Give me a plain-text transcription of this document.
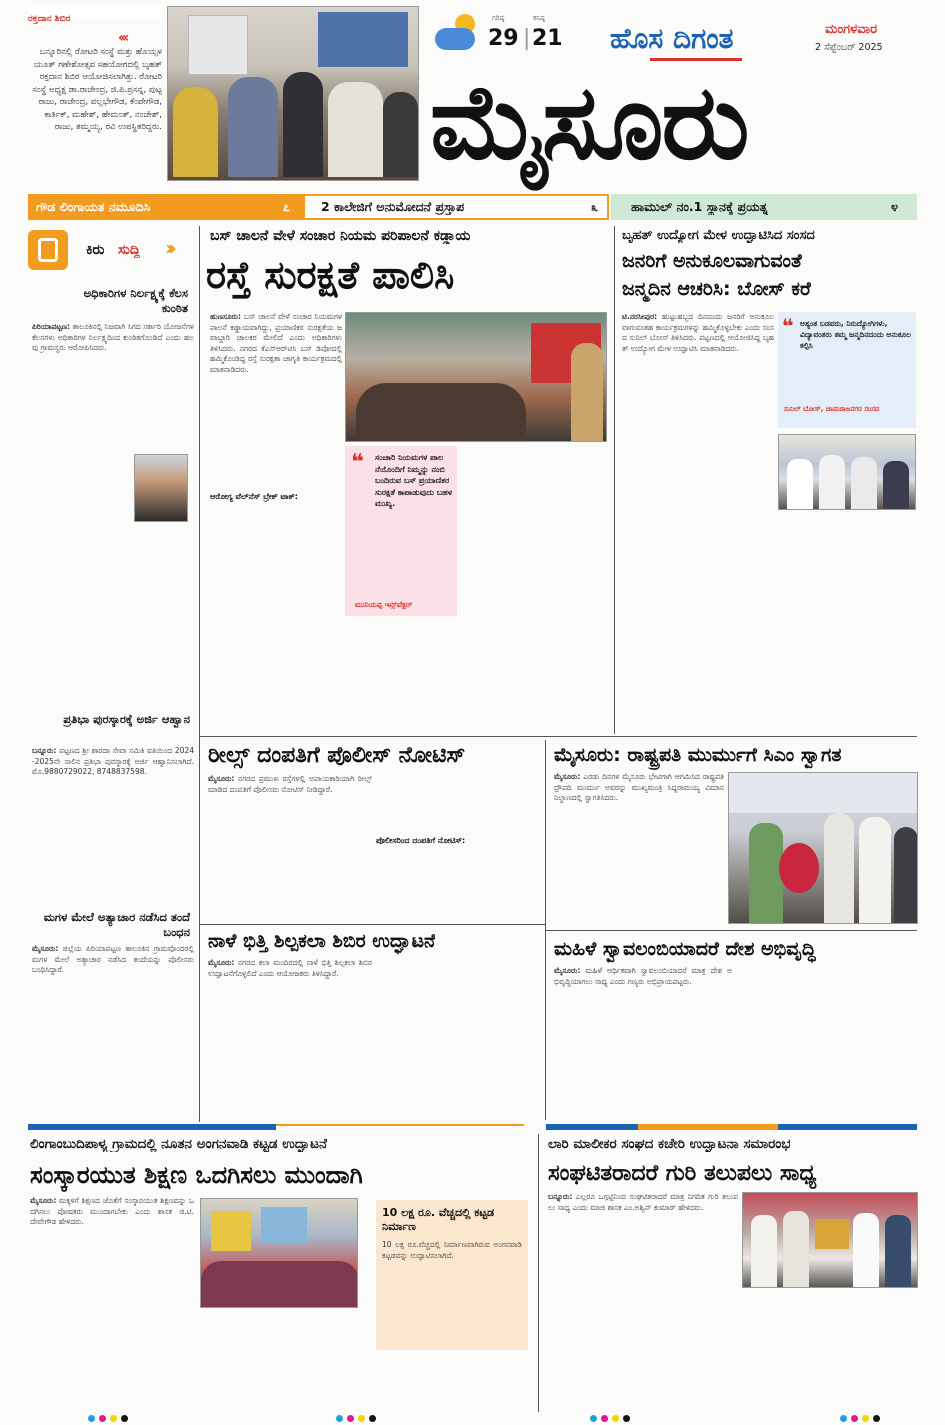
ರಕ್ತದಾನ ಶಿಬಿರ
‹‹‹
ಬನ್ನೂರಿನಲ್ಲಿ ರೋಟರಿ ಸಂಸ್ಥೆ ಮತ್ತು ಹೊಯ್ಸಳ ಯೂತ್ ಗಣೇಶೋತ್ಸವ ಸಹಯೋಗದಲ್ಲಿ ಬೃಹತ್ ರಕ್ತದಾನ ಶಿಬಿರ ಆಯೋಜಿಸಲಾಗಿತ್ತು. ರೋಟರಿ ಸಂಸ್ಥೆ ಅಧ್ಯಕ್ಷ ಡಾ.ರಾಜೇಂದ್ರ, ಜಿ.ಪಿ.ಪ್ರಸನ್ನ, ಪುಟ್ಟರಾಜು, ರಾಜೇಂದ್ರ, ವಲ್ಲಭೇಗೌಡ, ಕೆಂಪೇಗೌಡ, ಕಾರ್ತಿಕ್, ಮಹೇಶ್, ಹೇಮಂತ್, ನಂಜೇಶ್, ರಾಜು, ತಮ್ಮಯ್ಯ, ರವಿ ಉಪಸ್ಥಿತರಿದ್ದರು.
ಗರಿಷ್ಠ	ಕನಿಷ್ಠ
29 | 21 ಹೊಸ ದಿಗಂತ	ಮಂಗಳವಾರ
2 ಸೆಪ್ಟೆಂಬರ್ 2025
ಮೈಸೂರು
ಗೌಡ ಲಿಂಗಾಯತ ನಮೂದಿಸಿ	೭ 2 ಕಾಲೇಜಿಗೆ ಅನುಮೋದನೆ ಪ್ರಸ್ತಾಪ	೩	ಹಾಮುಲ್ ನಂ.1 ಸ್ಥಾನಕ್ಕೆ ಪ್ರಯತ್ನ	೪
ಕಿರು ಸುದ್ದಿ ›››
ಅಧಿಕಾರಿಗಳ ನಿರ್ಲಕ್ಷ್ಯಕ್ಕೆ ಕೆಲಸ ಕುಂಠಿತ
ಪಿರಿಯಾಪಟ್ಟಣ: ತಾಲೂಕಿನಲ್ಲಿ ನಿಜವಾಗಿ ಸಿಗದ ಸರ್ಕಾರಿ ಯೋಜನೆಗಳ ಕೆಲಸಗಳು ಅಧಿಕಾರಿಗಳ ನಿರ್ಲಕ್ಷ್ಯದಿಂದ ಕುಂಠಿತಗೊಂಡಿದೆ ಎಂದು ಹಲವು ಗ್ರಾಮಸ್ಥರು ಆರೋಪಿಸಿದರು.
ಪ್ರತಿಭಾ ಪುರಸ್ಕಾರಕ್ಕೆ ಅರ್ಜಿ ಆಹ್ವಾನ
ಬನ್ನೂರು: ಪಟ್ಟಣದ ಶ್ರೀ ಶಾರದಾ ಸೇವಾ ಸಮಿತಿ ವತಿಯಿಂದ 2024-2025ನೇ ಸಾಲಿನ ಪ್ರತಿಭಾ ಪುರಸ್ಕಾರಕ್ಕೆ ಅರ್ಜಿ ಆಹ್ವಾನಿಸಲಾಗಿದೆ. ಮೊ.9880729022, 8748837598.
ಮಗಳ ಮೇಲೆ ಅತ್ಯಾಚಾರ ನಡೆಸಿದ ತಂದೆ ಬಂಧನ
ಮೈಸೂರು: ಜಿಲ್ಲೆಯ ಪಿರಿಯಾಪಟ್ಟಣ ತಾಲೂಕಿನ ಗ್ರಾಮವೊಂದರಲ್ಲಿ ಮಗಳ ಮೇಲೆ ಅತ್ಯಾಚಾರ ನಡೆಸಿದ ತಂದೆಯನ್ನು ಪೊಲೀಸರು ಬಂಧಿಸಿದ್ದಾರೆ.
ಬಸ್ ಚಾಲನೆ ವೇಳೆ ಸಂಚಾರ ನಿಯಮ ಪರಿಪಾಲನೆ ಕಡ್ಡಾಯ
ರಸ್ತೆ ಸುರಕ್ಷತೆ ಪಾಲಿಸಿ
ಹುಣಸೂರು: ಬಸ್ ಚಾಲನೆ ವೇಳೆ ಸಂಚಾರ ನಿಯಮಗಳ ಪಾಲನೆ ಕಡ್ಡಾಯವಾಗಿದ್ದು, ಪ್ರಯಾಣಿಕರ ಸುರಕ್ಷತೆಯ ಜವಾಬ್ದಾರಿ ಚಾಲಕರ ಮೇಲಿದೆ ಎಂದು ಅಧಿಕಾರಿಗಳು ತಿಳಿಸಿದರು. ನಗರದ ಕೆಎಸ್ಆರ್‌ಟಿಸಿ ಬಸ್ ಡಿಪೋದಲ್ಲಿ ಹಮ್ಮಿಕೊಂಡಿದ್ದ ರಸ್ತೆ ಸುರಕ್ಷತಾ ಜಾಗೃತಿ ಕಾರ್ಯಕ್ರಮದಲ್ಲಿ ಮಾತನಾಡಿದರು.
ಆರೋಗ್ಯ ವೆಲ್‌ನೆಸ್ ಬ್ರೇಕ್ ಟಾಕ್:
❝ ಸಂಚಾರಿ ನಿಯಮಗಳ ಪಾಲನೆಯೊಂದಿಗೆ ನಿಮ್ಮನ್ನು ನಂಬಿ ಬಂದಿರುವ ಬಸ್‌ ಪ್ರಯಾಣಿಕರ ಸುರಕ್ಷತೆ ಕಾಪಾಡುವುದು ಬಹಳ ಮುಖ್ಯ.
ಮುನಿಯಪ್ಪ ಇನ್ಸ್‌ಪೆಕ್ಟರ್
ಬೃಹತ್ ಉದ್ಯೋಗ ಮೇಳ ಉದ್ಘಾಟಿಸಿದ ಸಂಸದ
ಜನರಿಗೆ ಅನುಕೂಲವಾಗುವಂತೆ
ಜನ್ಮದಿನ ಆಚರಿಸಿ: ಬೋಸ್ ಕರೆ
ಟಿ.ನರಸೀಪುರ: ಹುಟ್ಟುಹಬ್ಬದ ದಿನದಂದು ಜನರಿಗೆ ಅನುಕೂಲವಾಗುವಂತಹ ಕಾರ್ಯಕ್ರಮಗಳನ್ನು ಹಮ್ಮಿಕೊಳ್ಳಬೇಕು ಎಂದು ಸಂಸದ ಸುನಿಲ್ ಬೋಸ್ ತಿಳಿಸಿದರು. ಪಟ್ಟಣದಲ್ಲಿ ಆಯೋಜಿಸಿದ್ದ ಬೃಹತ್ ಉದ್ಯೋಗ ಮೇಳ ಉದ್ಘಾಟಿಸಿ ಮಾತನಾಡಿದರು.
❝ ಅತ್ಯಂತ ಬಡವರು, ನಿರುದ್ಯೋಗಿಗಳು, ವಿದ್ಯಾವಂತರು ತಮ್ಮ ಜನ್ಮದಿನದಂದು ಅನುಕೂಲ ಕಲ್ಪಿಸಿ
ಸುನಿಲ್‌ ಬೋಸ್, ಚಾಮರಾಜನಗರ ಸಂಸದ
ರೀಲ್ಸ್ ದಂಪತಿಗೆ ಪೊಲೀಸ್ ನೋಟಿಸ್
ಮೈಸೂರು: ನಗರದ ಪ್ರಮುಖ ರಸ್ತೆಗಳಲ್ಲಿ ಅಪಾಯಕಾರಿಯಾಗಿ ರೀಲ್ಸ್ ಮಾಡಿದ ದಂಪತಿಗೆ ಪೊಲೀಸರು ನೋಟಿಸ್ ನೀಡಿದ್ದಾರೆ.
ಪೊಲೀಸರಿಂದ ದಂಪತಿಗೆ ನೋಟಿಸ್:
ಮೈಸೂರು: ರಾಷ್ಟ್ರಪತಿ ಮುರ್ಮುಗೆ ಸಿಎಂ ಸ್ವಾಗತ
ಮೈಸೂರು: ಎರಡು ದಿನಗಳ ಮೈಸೂರು ಭೇಟಿಗಾಗಿ ಆಗಮಿಸಿದ ರಾಷ್ಟ್ರಪತಿ ದ್ರೌಪದಿ ಮುರ್ಮು ಅವರನ್ನು ಮುಖ್ಯಮಂತ್ರಿ ಸಿದ್ದರಾಮಯ್ಯ ವಿಮಾನ ನಿಲ್ದಾಣದಲ್ಲಿ ಸ್ವಾಗತಿಸಿದರು.
ನಾಳೆ ಭಿತ್ತಿ ಶಿಲ್ಪಕಲಾ ಶಿಬಿರ ಉದ್ಘಾಟನೆ
ಮೈಸೂರು: ನಗರದ ಕಲಾ ಮಂದಿರದಲ್ಲಿ ನಾಳೆ ಭಿತ್ತಿ ಶಿಲ್ಪಕಲಾ ಶಿಬಿರ ಉದ್ಘಾಟನೆಗೊಳ್ಳಲಿದೆ ಎಂದು ಆಯೋಜಕರು ತಿಳಿಸಿದ್ದಾರೆ.
ಮಹಿಳೆ ಸ್ವಾವಲಂಬಿಯಾದರೆ ದೇಶ ಅಭಿವೃದ್ಧಿ
ಮೈಸೂರು: ಮಹಿಳೆ ಆರ್ಥಿಕವಾಗಿ ಸ್ವಾವಲಂಬಿಯಾದರೆ ಮಾತ್ರ ದೇಶ ಅಭಿವೃದ್ಧಿಯಾಗಲು ಸಾಧ್ಯ ಎಂದು ಗಣ್ಯರು ಅಭಿಪ್ರಾಯಪಟ್ಟರು.
ಲಿಂಗಾಂಬುದಿಪಾಳ್ಯ ಗ್ರಾಮದಲ್ಲಿ ನೂತನ ಅಂಗನವಾಡಿ ಕಟ್ಟಡ ಉದ್ಘಾಟನೆ
ಸಂಸ್ಕಾರಯುತ ಶಿಕ್ಷಣ ಒದಗಿಸಲು ಮುಂದಾಗಿ
ಮೈಸೂರು: ಮಕ್ಕಳಿಗೆ ಶಿಕ್ಷಣದ ಜೊತೆಗೆ ಸಂಸ್ಕಾರಯುತ ಶಿಕ್ಷಣವನ್ನು ಒದಗಿಸಲು ಪೋಷಕರು ಮುಂದಾಗಬೇಕು ಎಂದು ಶಾಸಕ ಜಿ.ಟಿ.ದೇವೇಗೌಡ ಹೇಳಿದರು.
10 ಲಕ್ಷ ರೂ. ವೆಚ್ಚದಲ್ಲಿ ಕಟ್ಟಡ ನಿರ್ಮಾಣ
10 ಲಕ್ಷ ರೂ.ವೆಚ್ಚದಲ್ಲಿ ನಿರ್ಮಾಣವಾಗಿರುವ ಅಂಗನವಾಡಿ ಕಟ್ಟಡವನ್ನು ಉದ್ಘಾಟಿಸಲಾಗಿದೆ.
ಲಾರಿ ಮಾಲೀಕರ ಸಂಘದ ಕಚೇರಿ ಉದ್ಘಾಟನಾ ಸಮಾರಂಭ
ಸಂಘಟಿತರಾದರೆ ಗುರಿ ತಲುಪಲು ಸಾಧ್ಯ
ಬನ್ನೂರು: ಎಲ್ಲರೂ ಒಗ್ಗಟ್ಟಿನಿಂದ ಸಂಘಟಿತರಾದರೆ ಮಾತ್ರ ನಿಗದಿತ ಗುರಿ ತಲುಪಲು ಸಾಧ್ಯ ಎಂದು ಮಾಜಿ ಶಾಸಕ ಎಂ.ಅಶ್ವಿನ್ ಕುಮಾರ್ ಹೇಳಿದರು.
